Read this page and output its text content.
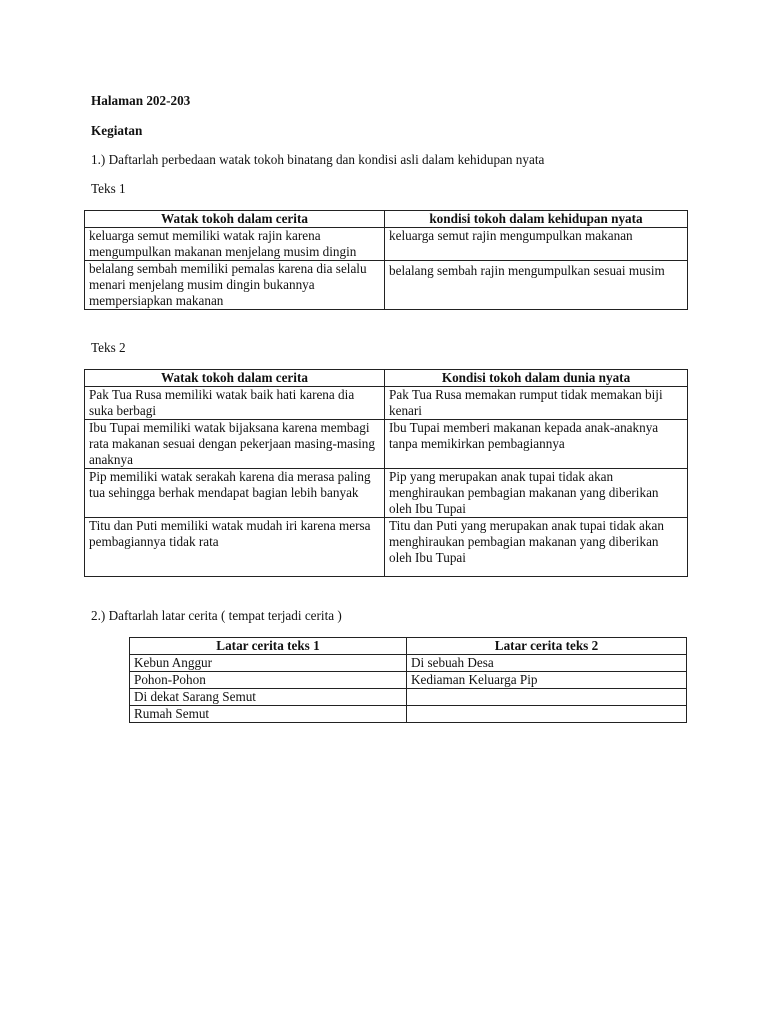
Halaman 202-203

Kegiatan

1.) Daftarlah perbedaan watak tokoh binatang dan kondisi asli dalam kehidupan nyata

Teks 1

Watak tokoh dalam cerita	kondisi tokoh dalam kehidupan nyata
keluarga semut memiliki watak rajin karena mengumpulkan makanan menjelang musim dingin	keluarga semut rajin mengumpulkan makanan
belalang sembah memiliki pemalas karena dia selalu menari menjelang musim dingin bukannya mempersiapkan makanan	belalang sembah rajin mengumpulkan sesuai musim

Teks 2

Watak tokoh dalam cerita	Kondisi tokoh dalam dunia nyata
Pak Tua Rusa memiliki watak baik hati karena dia suka berbagi	Pak Tua Rusa memakan rumput tidak memakan biji kenari
Ibu Tupai memiliki watak bijaksana karena membagi rata makanan sesuai dengan pekerjaan masing-masing anaknya	Ibu Tupai memberi makanan kepada anak-anaknya tanpa memikirkan pembagiannya
Pip memiliki watak serakah karena dia merasa paling tua sehingga berhak mendapat bagian lebih banyak	Pip yang merupakan anak tupai tidak akan menghiraukan pembagian makanan yang diberikan oleh Ibu Tupai
Titu dan Puti memiliki watak mudah iri karena mersa pembagiannya tidak rata	Titu dan Puti yang merupakan anak tupai tidak akan menghiraukan pembagian makanan yang diberikan oleh Ibu Tupai

2.) Daftarlah latar cerita ( tempat terjadi cerita )

Latar cerita teks 1	Latar cerita teks 2
Kebun Anggur	Di sebuah Desa
Pohon-Pohon	Kediaman Keluarga Pip
Di dekat Sarang Semut	
Rumah Semut	
